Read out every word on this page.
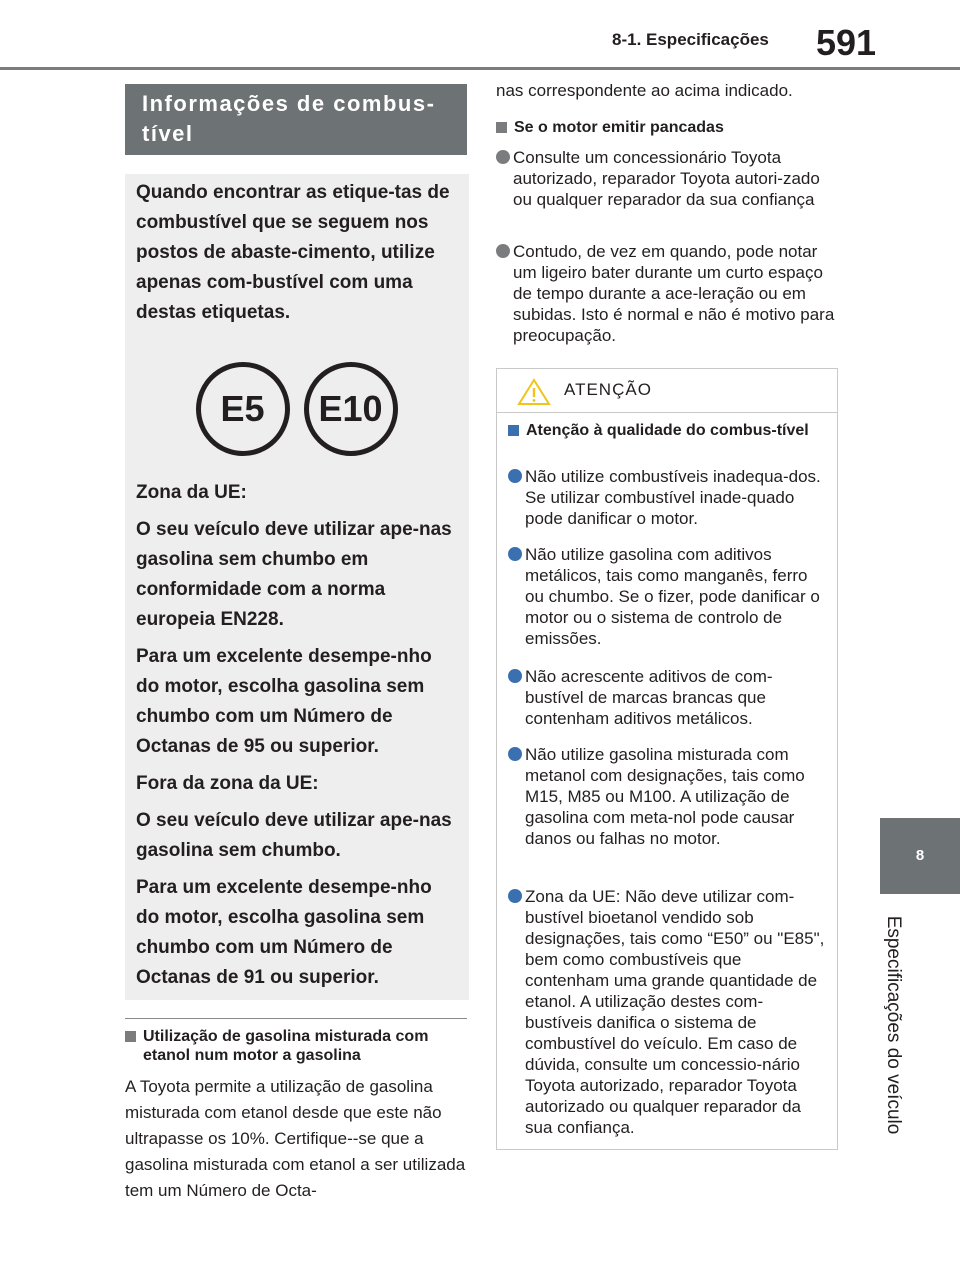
8-1. Especificações 591
8
Especificações do veículo
Informações de combus-
tível
Quando encontrar as etique-tas de combustível que se seguem nos postos de abaste-cimento, utilize apenas com-bustível com uma destas etiquetas.
E5	E10
Zona da UE:
O seu veículo deve utilizar ape-nas gasolina sem chumbo em conformidade com a norma europeia EN228.
Para um excelente desempe-nho do motor, escolha gasolina sem chumbo com um Número de Octanas de 95 ou superior.
Fora da zona da UE:
O seu veículo deve utilizar ape-nas gasolina sem chumbo.
Para um excelente desempe-nho do motor, escolha gasolina sem chumbo com um Número de Octanas de 91 ou superior.
Utilização de gasolina misturada com etanol num motor a gasolina
A Toyota permite a utilização de gasolina misturada com etanol desde que este não ultrapasse os 10%. Certifique--se que a gasolina misturada com etanol a ser utilizada tem um Número de Octa-
nas correspondente ao acima indicado.
Se o motor emitir pancadas
Consulte um concessionário Toyota autorizado, reparador Toyota autori-zado ou qualquer reparador da sua confiança
Contudo, de vez em quando, pode notar um ligeiro bater durante um curto espaço de tempo durante a ace-leração ou em subidas. Isto é normal e não é motivo para preocupação.
ATENÇÃO
Atenção à qualidade do combus-tível
Não utilize combustíveis inadequa-dos. Se utilizar combustível inade-quado pode danificar o motor.
Não utilize gasolina com aditivos metálicos, tais como manganês, ferro ou chumbo. Se o fizer, pode danificar o motor ou o sistema de controlo de emissões.
Não acrescente aditivos de com-bustível de marcas brancas que contenham aditivos metálicos.
Não utilize gasolina misturada com metanol com designações, tais como M15, M85 ou M100. A utilização de gasolina com meta-nol pode causar danos ou falhas no motor.
Zona da UE: Não deve utilizar com-bustível bioetanol vendido sob designações, tais como “E50” ou "E85", bem como combustíveis que contenham uma grande quantidade de etanol. A utilização destes com-bustíveis danifica o sistema de combustível do veículo. Em caso de dúvida, consulte um concessio-nário Toyota autorizado, reparador Toyota autorizado ou qualquer reparador da sua confiança.
